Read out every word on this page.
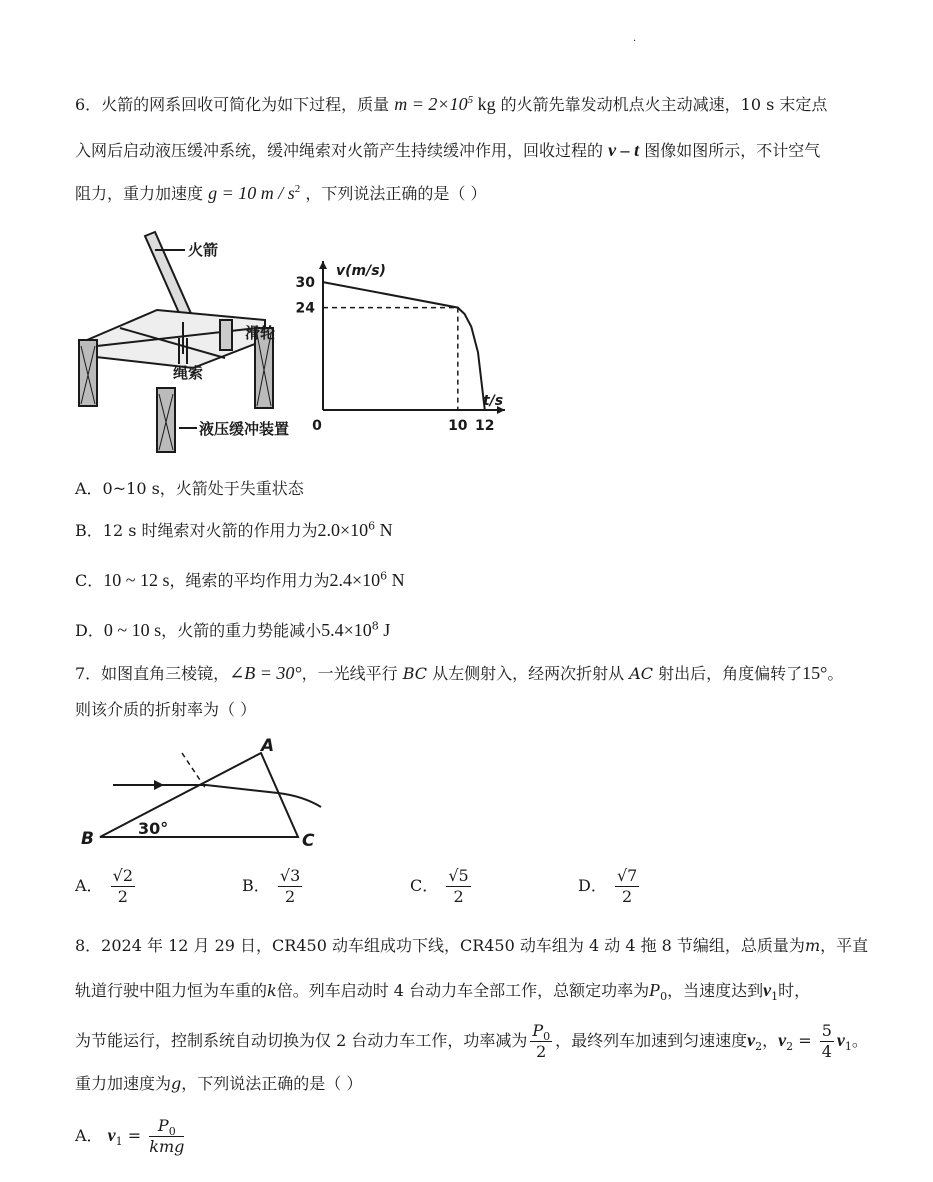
·
6．火箭的网系回收可简化为如下过程，质量 $m = 2\times 10^5$ kg 的火箭先靠发动机点火主动减速，10 s 末定点
入网后启动液压缓冲系统，缓冲绳索对火箭产生持续缓冲作用，回收过程的 v – t 图像如图所示，不计空气
阻力，重力加速度 g = 10 m / $s^2$ ，下列说法正确的是（ ）
火箭
滑轮
绳索
液压缓冲装置
v(m/s)
t/s
30
24
0	10 12
A．0~10 s，火箭处于失重状态
B．12 s 时绳索对火箭的作用力为$2.0\times 10^6$ N
C．10 ~ 12 s，绳索的平均作用力为$2.4\times 10^6$ N
D．0 ~ 10 s，火箭的重力势能减小$5.4\times 10^8$ J
7．如图直角三棱镜，∠B = 30°，一光线平行 BC 从左侧射入，经两次折射从 AC 射出后，角度偏转了15°。
则该介质的折射率为（ ）
A
B	C
30°
A． $\frac{√2}{2}$	B． $\frac{√3}{2}$	C． $\frac{√5}{2}$	D． $\frac{√7}{2}$
8．2024 年 12 月 29 日，CR450 动车组成功下线，CR450 动车组为 4 动 4 拖 8 节编组，总质量为m，平直
轨道行驶中阻力恒为车重的k倍。列车启动时 4 台动力车全部工作，总额定功率为$P_0$，当速度达到$v_1$时，
为节能运行，控制系统自动切换为仅 2 台动力车工作，功率减为 $\frac{P_0}{2}$ ，最终列车加速到匀速速度$v_2$，$v_2 = \frac{5}{4} v_1$。
重力加速度为g，下列说法正确的是（ ）
A． $v_1 = \frac{P_0}{\text{kmg}}$
